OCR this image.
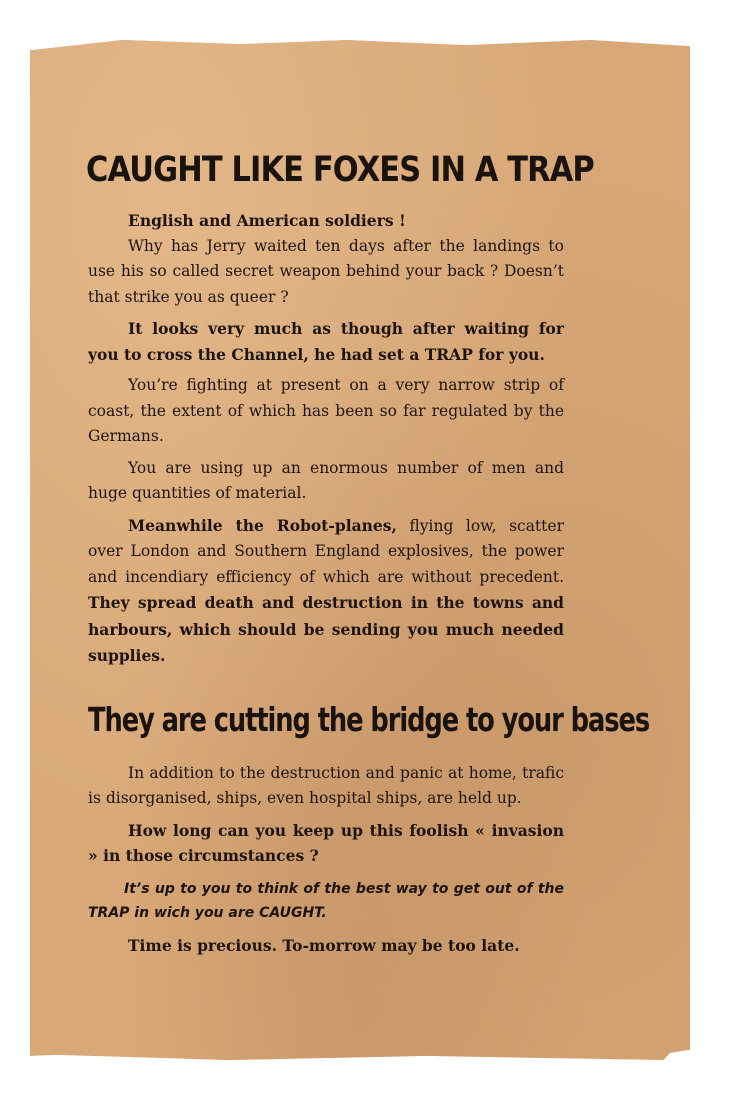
CAUGHT LIKE FOXES IN A TRAP

English and American soldiers !

Why has Jerry waited ten days after the landings to use his so called secret weapon behind your back ? Doesn’t that strike you as queer ?

It looks very much as though after waiting for you to cross the Channel, he had set a TRAP for you.

You’re fighting at present on a very narrow strip of coast, the extent of which has been so far regulated by the Germans.

You are using up an enormous number of men and huge quantities of material.

Meanwhile the Robot-planes, flying low, scatter over London and Southern England explosives, the power and incendiary efficiency of which are without precedent. They spread death and destruction in the towns and harbours, which should be sending you much needed supplies.

They are cutting the bridge to your bases

In addition to the destruction and panic at home, trafic is disorganised, ships, even hospital ships, are held up.

How long can you keep up this foolish « invasion » in those circumstances ?

It’s up to you to think of the best way to get out of the TRAP in wich you are CAUGHT.

Time is precious. To-morrow may be too late.
